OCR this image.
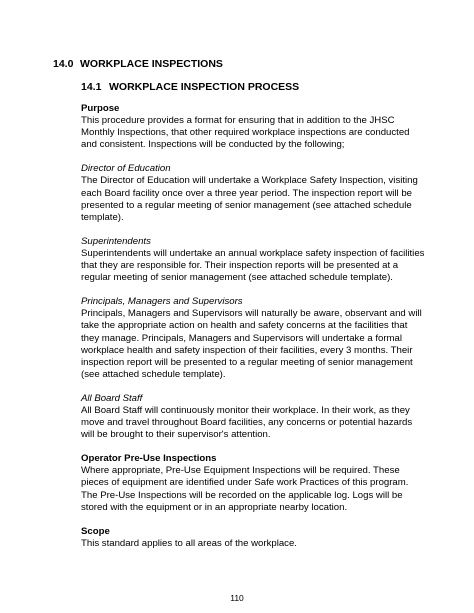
14.0 WORKPLACE INSPECTIONS
14.1 WORKPLACE INSPECTION PROCESS

Purpose

This procedure provides a format for ensuring that in addition to the JHSC
Monthly Inspections, that other required workplace inspections are conducted
and consistent. Inspections will be conducted by the following;

Director of Education

The Director of Education will undertake a Workplace Safety Inspection, visiting
each Board facility once over a three year period. The inspection report will be
presented to a regular meeting of senior management (see attached schedule
template).

Superintendents

Superintendents will undertake an annual workplace safety inspection of facilities
that they are responsible for. Their inspection reports will be presented at a
regular meeting of senior management (see attached schedule template).

Principals, Managers and Supervisors

Principals, Managers and Supervisors will naturally be aware, observant and will
take the appropriate action on health and safety concerns at the facilities that
they manage. Principals, Managers and Supervisors will undertake a formal
workplace health and safety inspection of their facilities, every 3 months. Their
inspection report will be presented to a regular meeting of senior management
(see attached schedule template).

All Board Staff

All Board Staff will continuously monitor their workplace. In their work, as they
move and travel throughout Board facilities, any concerns or potential hazards
will be brought to their supervisor's attention.

Operator Pre-Use Inspections

Where appropriate, Pre-Use Equipment Inspections will be required. These
pieces of equipment are identified under Safe work Practices of this program.
The Pre-Use Inspections will be recorded on the applicable log. Logs will be
stored with the equipment or in an appropriate nearby location.

Scope

This standard applies to all areas of the workplace.

110
